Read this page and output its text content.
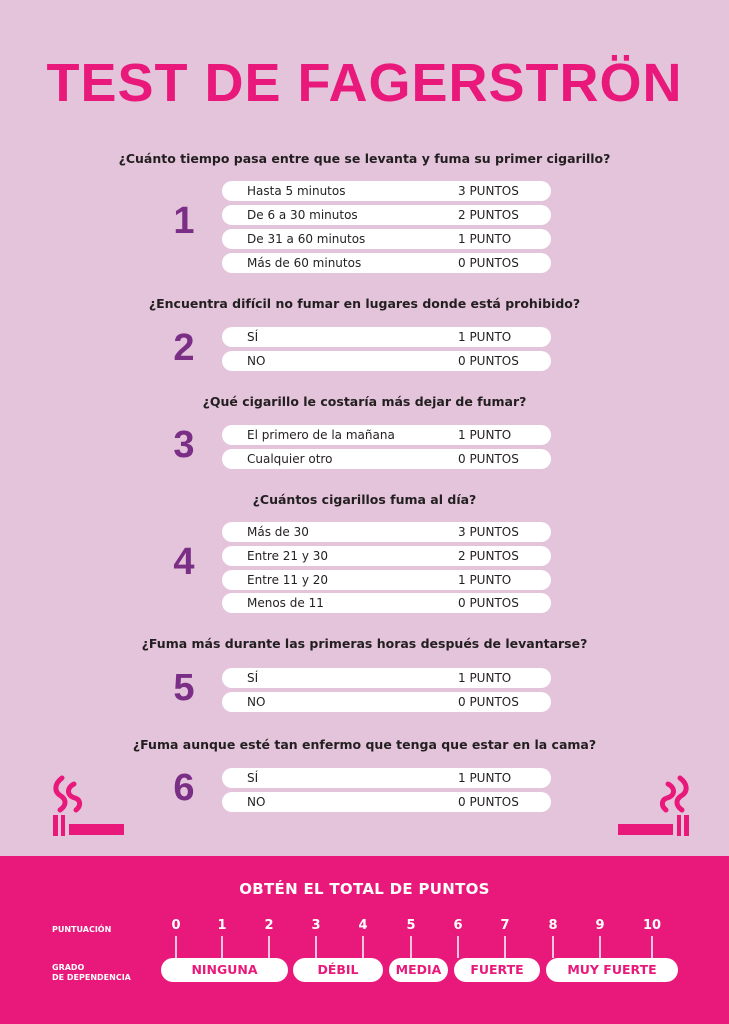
TEST DE FAGERSTRÖN
¿Cuánto tiempo pasa entre que se levanta y fuma su primer cigarillo?
1
Hasta 5 minutos	3 PUNTOS
De 6 a 30 minutos	2 PUNTOS
De 31 a 60 minutos	1 PUNTO
Más de 60 minutos	0 PUNTOS
¿Encuentra difícil no fumar en lugares donde está prohibido?
2	SÍ	1 PUNTO
NO	0 PUNTOS
¿Qué cigarillo le costaría más dejar de fumar?
3	El primero de la mañana	1 PUNTO
Cualquier otro	0 PUNTOS
¿Cuántos cigarillos fuma al día?
4
Más de 30	3 PUNTOS
Entre 21 y 30	2 PUNTOS
Entre 11 y 20	1 PUNTO
Menos de 11	0 PUNTOS
¿Fuma más durante las primeras horas después de levantarse?
5	SÍ	1 PUNTO
NO	0 PUNTOS
¿Fuma aunque esté tan enfermo que tenga que estar en la cama?
6	SÍ	1 PUNTO
NO	0 PUNTOS
OBTÉN EL TOTAL DE PUNTOS
PUNTUACIÓN
GRADO
DE DEPENDENCIA
0	1	2	3	4	5	6	7	8	9	10
NINGUNA	DÉBIL	MEDIA	FUERTE	MUY FUERTE
